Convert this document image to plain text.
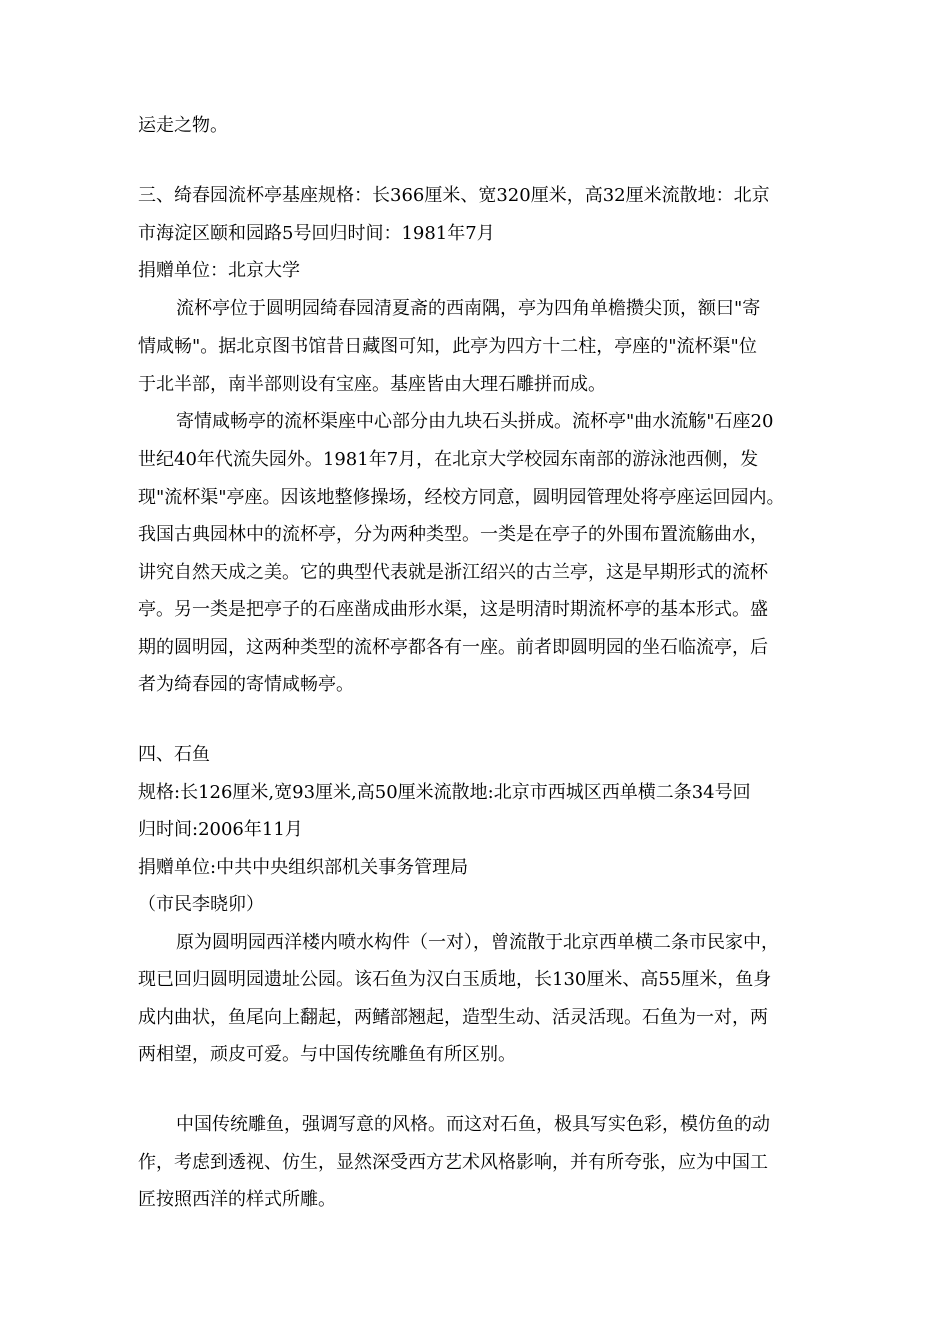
运走之物。
三、绮春园流杯亭基座规格：长366厘米、宽320厘米，高32厘米流散地：北京
市海淀区颐和园路5号回归时间：1981年7月
捐赠单位：北京大学
流杯亭位于圆明园绮春园清夏斋的西南隅，亭为四角单檐攒尖顶，额曰"寄
情咸畅"。据北京图书馆昔日藏图可知，此亭为四方十二柱，亭座的"流杯渠"位
于北半部，南半部则设有宝座。基座皆由大理石雕拼而成。
寄情咸畅亭的流杯渠座中心部分由九块石头拼成。流杯亭"曲水流觞"石座20
世纪40年代流失园外。1981年7月，在北京大学校园东南部的游泳池西侧，发
现"流杯渠"亭座。因该地整修操场，经校方同意，圆明园管理处将亭座运回园内。
我国古典园林中的流杯亭，分为两种类型。一类是在亭子的外围布置流觞曲水，
讲究自然天成之美。它的典型代表就是浙江绍兴的古兰亭，这是早期形式的流杯
亭。另一类是把亭子的石座凿成曲形水渠，这是明清时期流杯亭的基本形式。盛
期的圆明园，这两种类型的流杯亭都各有一座。前者即圆明园的坐石临流亭，后
者为绮春园的寄情咸畅亭。
四、石鱼
规格:长126厘米,宽93厘米,高50厘米流散地:北京市西城区西单横二条34号回
归时间:2006年11月
捐赠单位:中共中央组织部机关事务管理局
（市民李晓卯）
原为圆明园西洋楼内喷水构件（一对），曾流散于北京西单横二条市民家中，
现已回归圆明园遗址公园。该石鱼为汉白玉质地，长130厘米、高55厘米，鱼身
成内曲状，鱼尾向上翻起，两鳍部翘起，造型生动、活灵活现。石鱼为一对，两
两相望，顽皮可爱。与中国传统雕鱼有所区别。
中国传统雕鱼，强调写意的风格。而这对石鱼，极具写实色彩，模仿鱼的动
作，考虑到透视、仿生，显然深受西方艺术风格影响，并有所夸张，应为中国工
匠按照西洋的样式所雕。
